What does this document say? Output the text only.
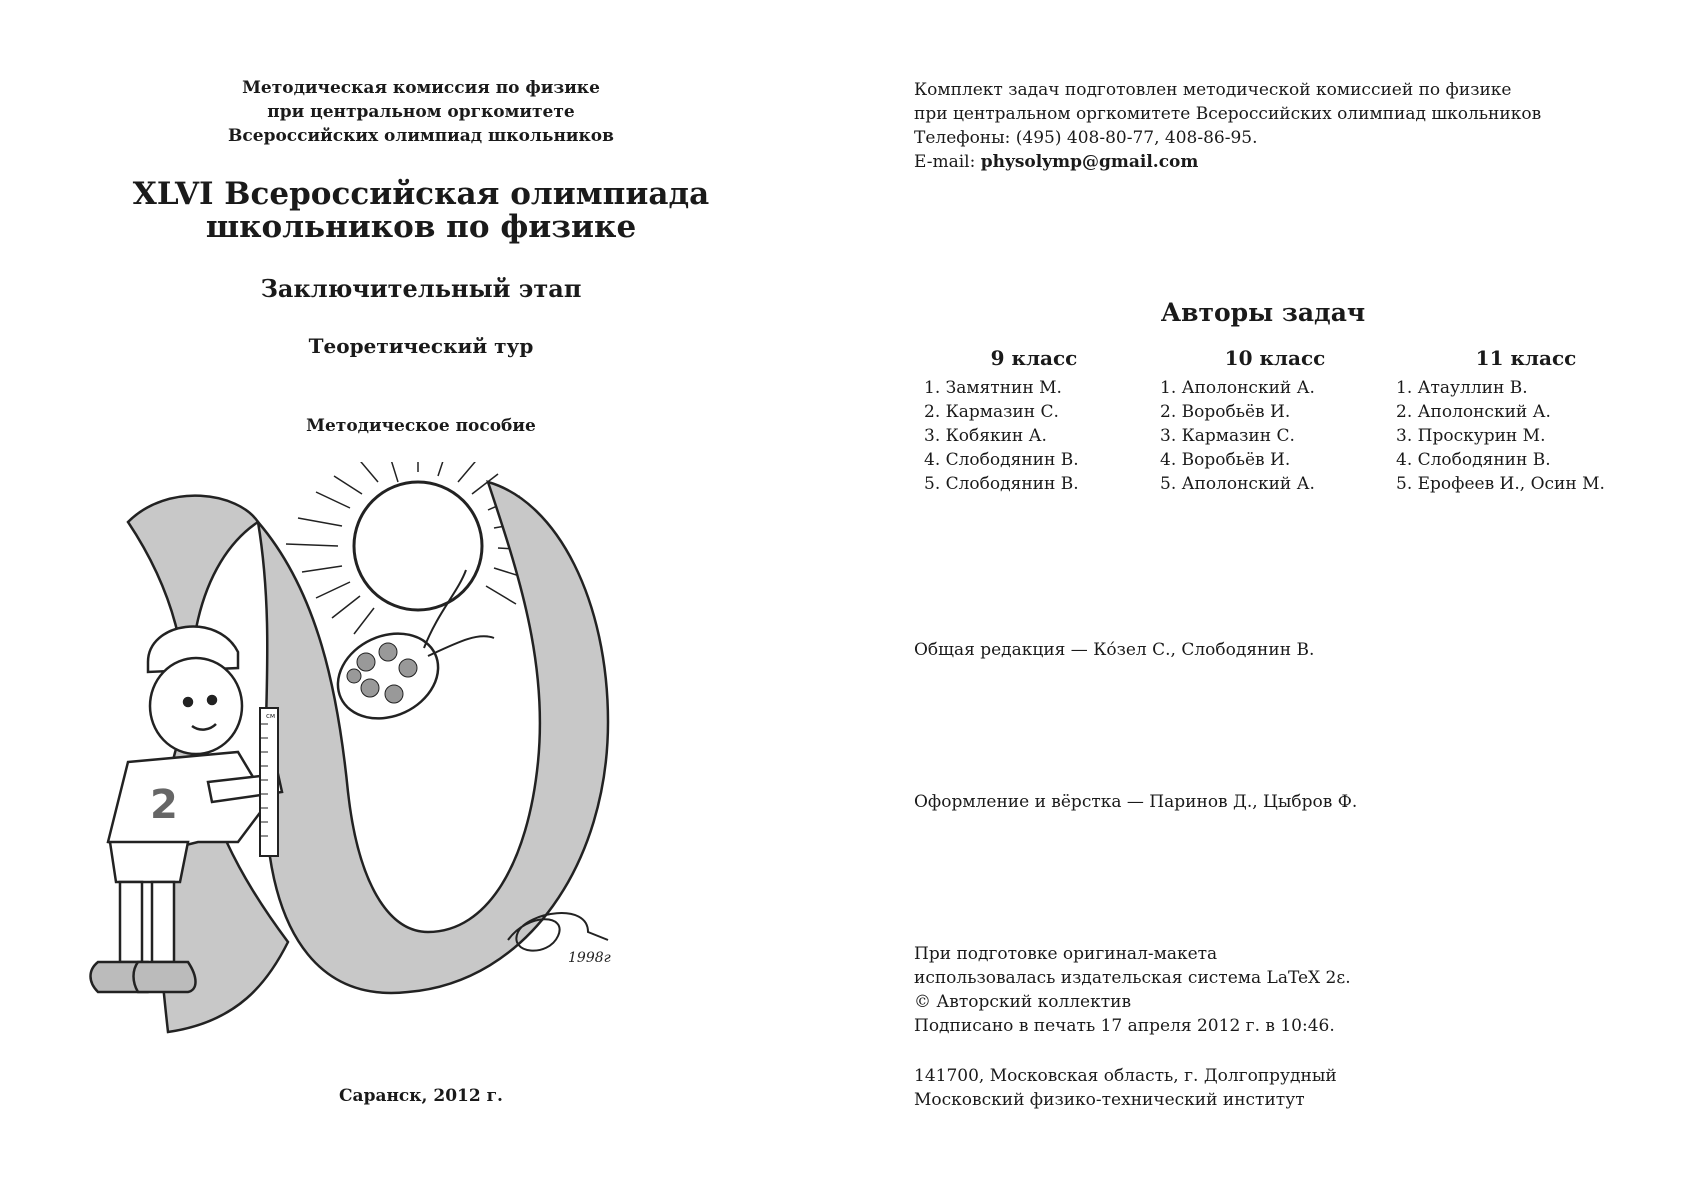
Методическая комиссия по физике
при центральном оргкомитете
Всероссийских олимпиад школьников
XLVI Всероссийская олимпиада
школьников по физике
Заключительный этап
Теоретический тур
Методическое пособие
2
см
1998г
Саранск, 2012 г.
Комплект задач подготовлен методической комиссией по физике
при центральном оргкомитете Всероссийских олимпиад школьников
Телефоны: (495) 408-80-77, 408-86-95.
E-mail: physolymp@gmail.com
Авторы задач
9 класс
1. Замятнин М.
2. Кармазин С.
3. Кобякин А.
4. Слободянин В.
5. Слободянин В.
10 класс
1. Аполонский А.
2. Воробьёв И.
3. Кармазин С.
4. Воробьёв И.
5. Аполонский А.
11 класс
1. Атауллин В.
2. Аполонский А.
3. Проскурин М.
4. Слободянин В.
5. Ерофеев И., Осин М.
Общая редакция — Ко́зел С., Слободянин В.
Оформление и вёрстка — Паринов Д., Цыбров Ф.
При подготовке оригинал-макета
использовалась издательская система LaTeX 2ε.
© Авторский коллектив
Подписано в печать 17 апреля 2012 г. в 10:46.
141700, Московская область, г. Долгопрудный
Московский физико-технический институт
